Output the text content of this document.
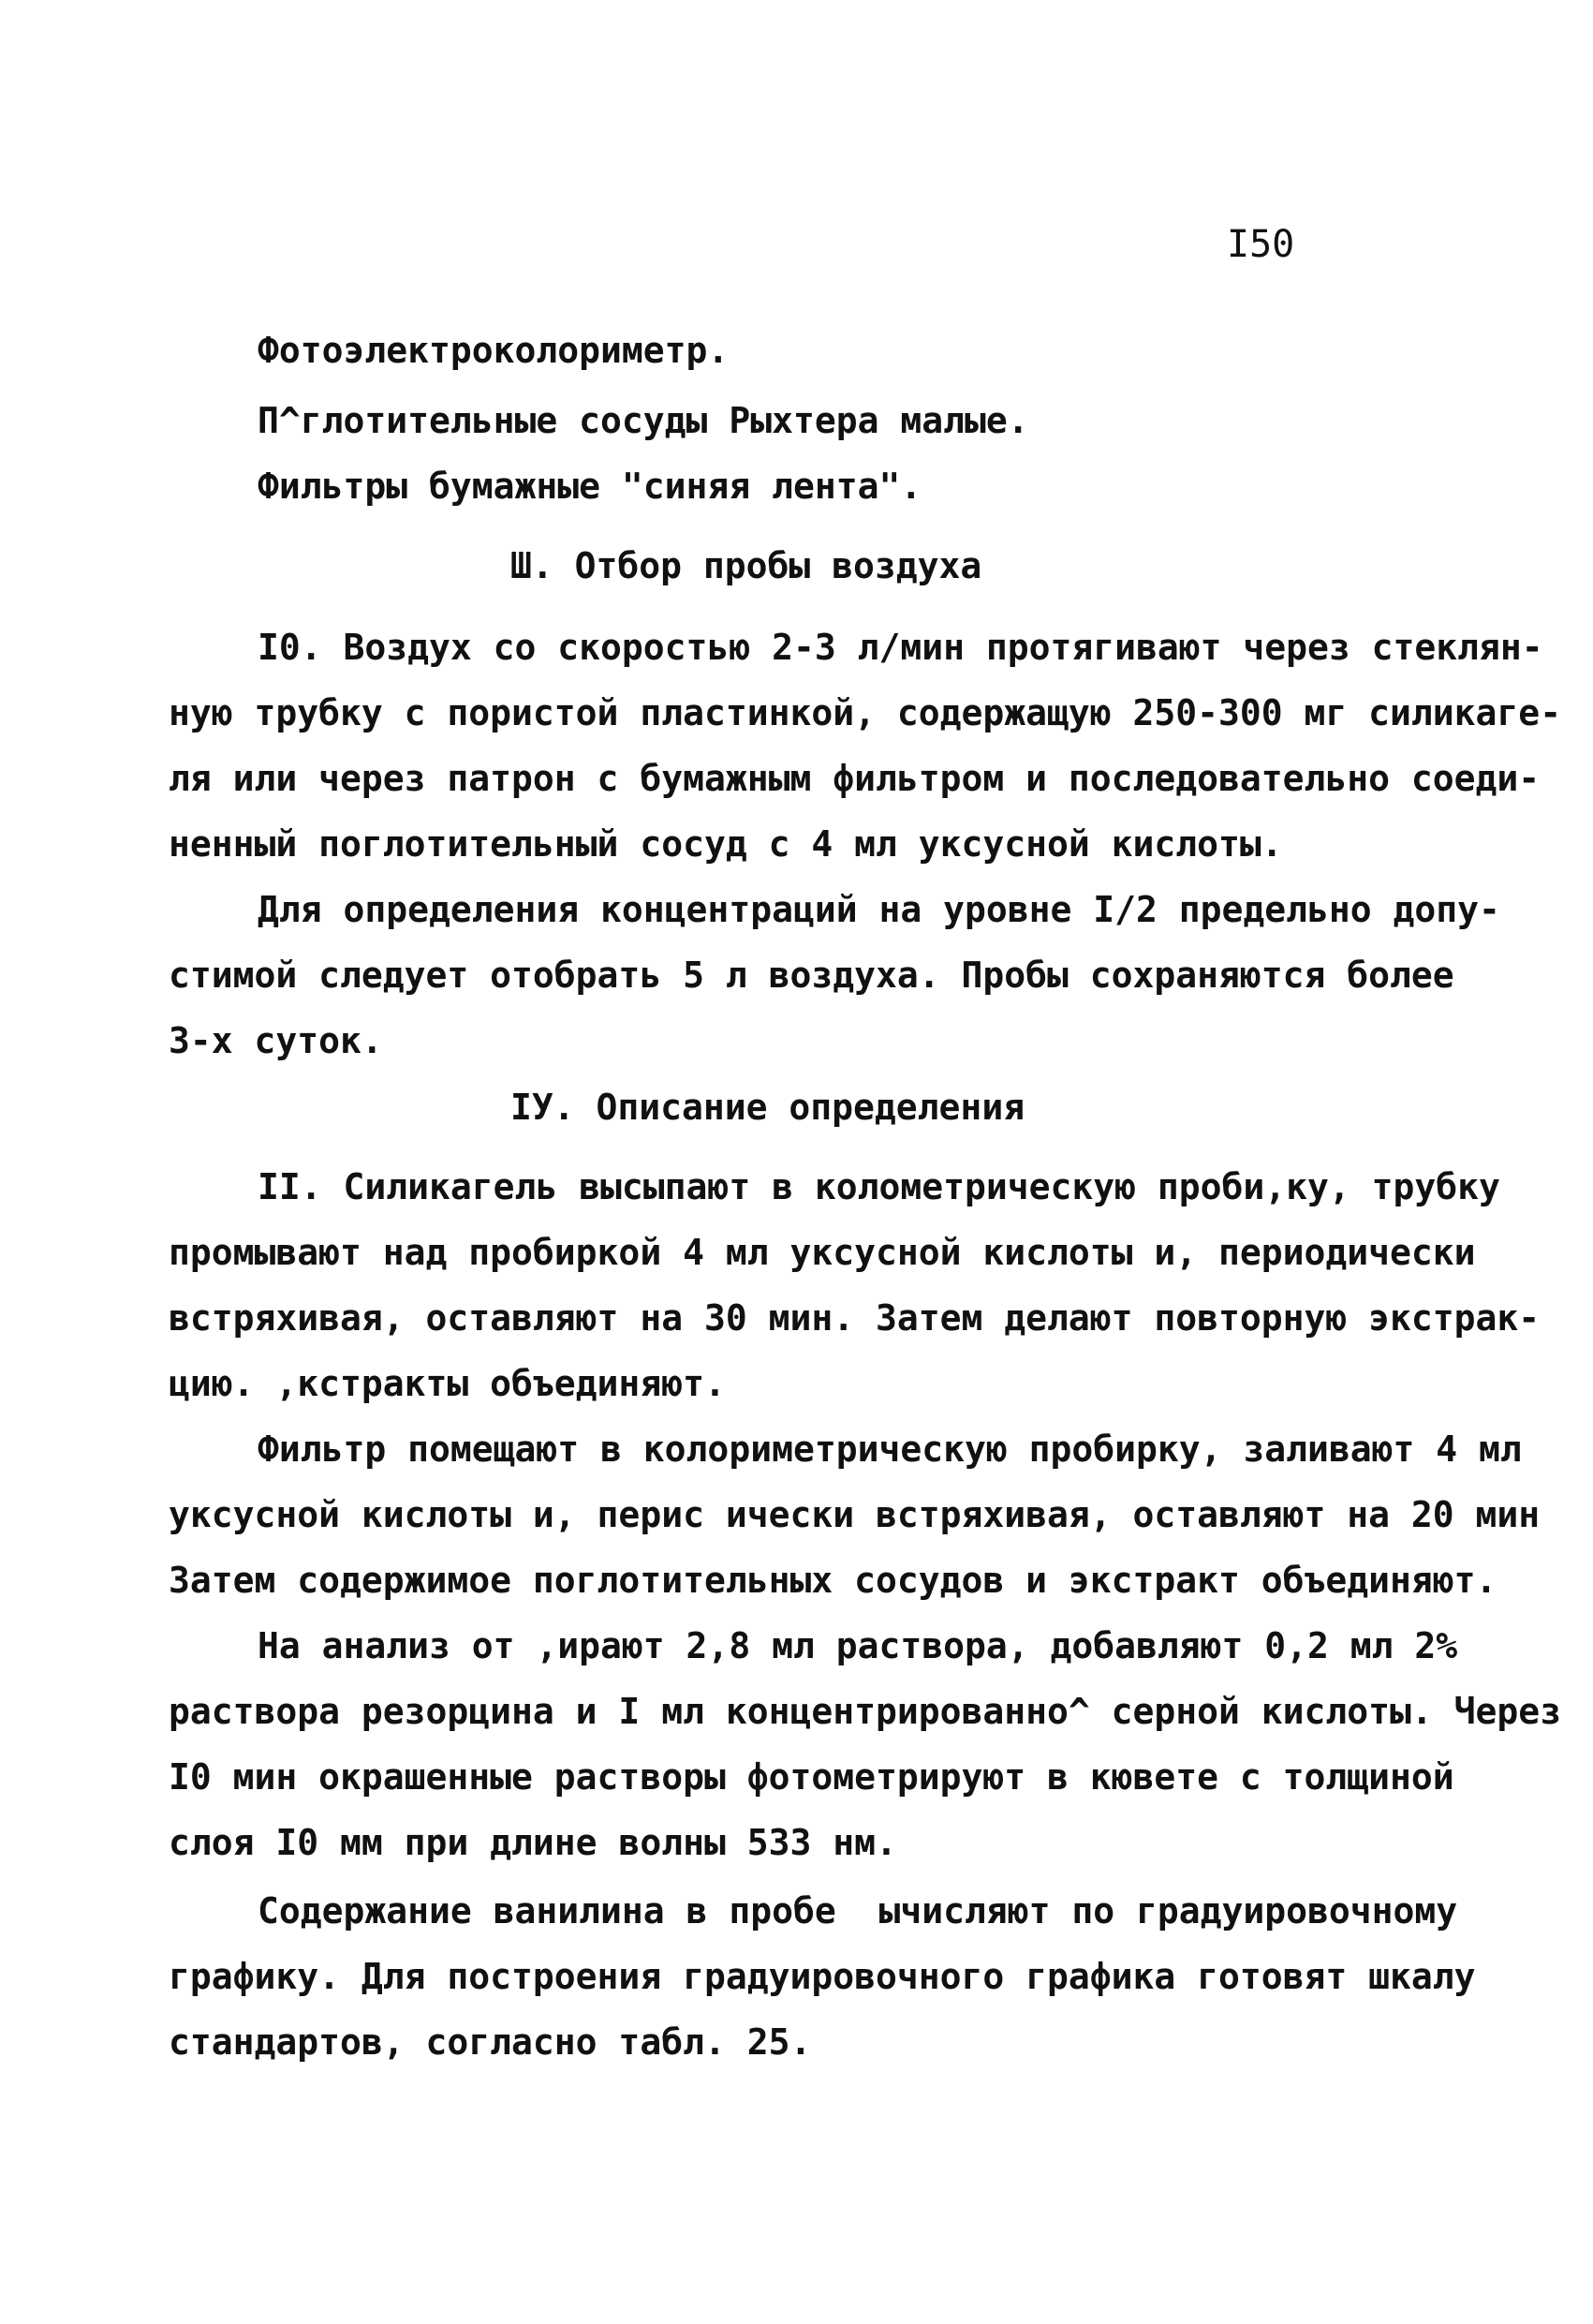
I50
Фотоэлектроколориметр.
П^глотительные сосуды Рыхтера малые.
Фильтры бумажные "синяя лента".
Ш. Отбор пробы воздуха
I0. Воздух со скоростью 2-3 л/мин протягивают через стеклян-
ную трубку с пористой пластинкой, содержащую 250-300 мг силикаге-
ля или через патрон с бумажным фильтром и последовательно соеди-
ненный поглотительный сосуд с 4 мл уксусной кислоты.
Для определения концентраций на уровне I/2 предельно допу-
стимой следует отобрать 5 л воздуха. Пробы сохраняются более
3-х суток.
IУ. Описание определения
II. Силикагель высыпают в колометрическую проби,ку, трубку
промывают над пробиркой 4 мл уксусной кислоты и, периодически
встряхивая, оставляют на 30 мин. Затем делают повторную экстрак-
цию. ,кстракты объединяют.
Фильтр помещают в колориметрическую пробирку, заливают 4 мл
уксусной кислоты и, перис ически встряхивая, оставляют на 20 мин
Затем содержимое поглотительных сосудов и экстракт объединяют.
На анализ от ,ирают 2,8 мл раствора, добавляют 0,2 мл 2%
раствора резорцина и I мл концентрированно^ серной кислоты. Через
I0 мин окрашенные растворы фотометрируют в кювете с толщиной
слоя I0 мм при длине волны 533 нм.
Содержание ванилина в пробе  ычисляют по градуировочному
графику. Для построения градуировочного графика готовят шкалу
стандартов, согласно табл. 25.
